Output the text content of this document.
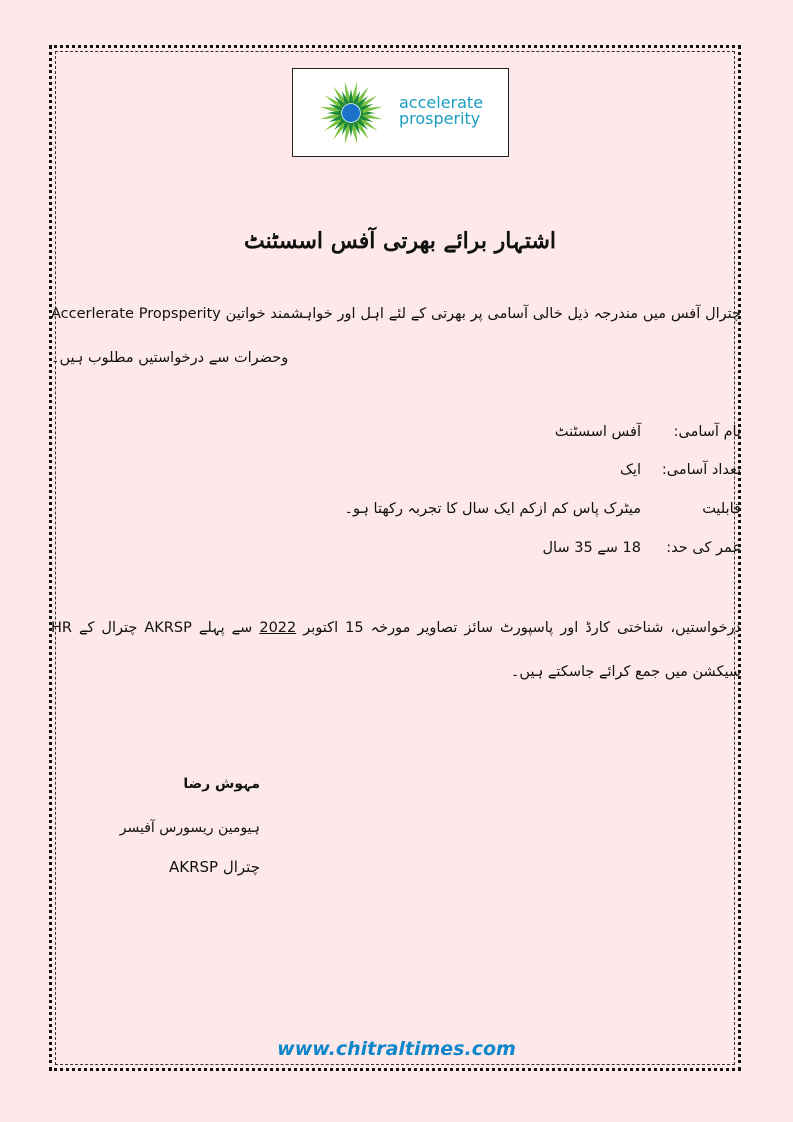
accelerate
prosperity
اشتہار برائے بھرتی آفس اسسٹنٹ
Accerlerate Propsperity چترال آفس میں مندرجہ ذیل خالی آسامی پر بھرتی کے لئے اہل اور خواہشمند خواتین وحضرات سے درخواستیں مطلوب ہیں۔
نام آسامی:
آفس اسسٹنٹ
تعداد آسامی:
ایک
قابلیت
میٹرک پاس کم ازکم ایک سال کا تجربہ رکھتا ہو۔
عمر کی حد:
18 سے 35 سال
درخواستیں، شناختی کارڈ اور پاسپورٹ سائز تصاویر مورخہ 15 اکتوبر 2022 سے پہلے AKRSP چترال کے HR سیکشن میں جمع کرائے جاسکتے ہیں۔
مہوش رضا
ہیومین ریسورس آفیسر
AKRSP چترال
www.chitraltimes.com
